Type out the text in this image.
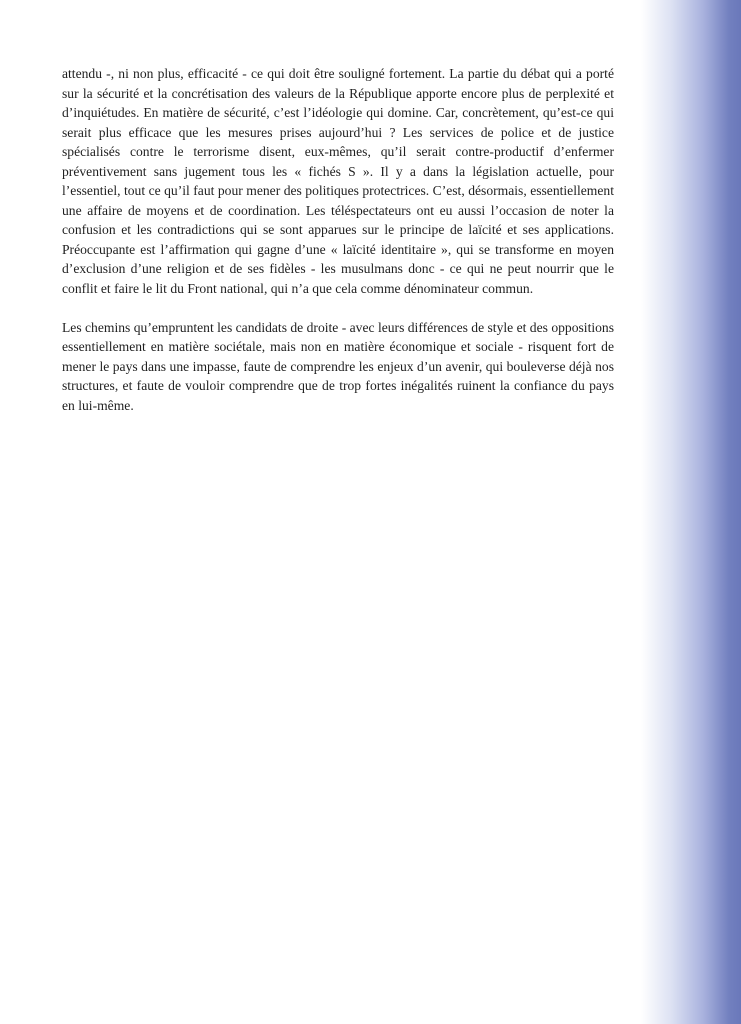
attendu -, ni non plus, efficacité - ce qui doit être souligné fortement. La partie du débat qui a porté sur la sécurité et la concrétisation des valeurs de la République apporte encore plus de perplexité et d’inquiétudes. En matière de sécurité, c’est l’idéologie qui domine. Car, concrètement, qu’est-ce qui serait plus efficace que les mesures prises aujourd’hui ? Les services de police et de justice spécialisés contre le terrorisme disent, eux-mêmes, qu’il serait contre-productif d’enfermer préventivement sans jugement tous les « fichés S ». Il y a dans la législation actuelle, pour l’essentiel, tout ce qu’il faut pour mener des politiques protectrices. C’est, désormais, essentiellement une affaire de moyens et de coordination. Les téléspectateurs ont eu aussi l’occasion de noter la confusion et les contradictions qui se sont apparues sur le principe de laïcité et ses applications. Préoccupante est l’affirmation qui gagne d’une « laïcité identitaire », qui se transforme en moyen d’exclusion d’une religion et de ses fidèles - les musulmans donc - ce qui ne peut nourrir que le conflit et faire le lit du Front national, qui n’a que cela comme dénominateur commun.

Les chemins qu’empruntent les candidats de droite - avec leurs différences de style et des oppositions essentiellement en matière sociétale, mais non en matière économique et sociale - risquent fort de mener le pays dans une impasse, faute de comprendre les enjeux d’un avenir, qui bouleverse déjà nos structures, et faute de vouloir comprendre que de trop fortes inégalités ruinent la confiance du pays en lui-même.
